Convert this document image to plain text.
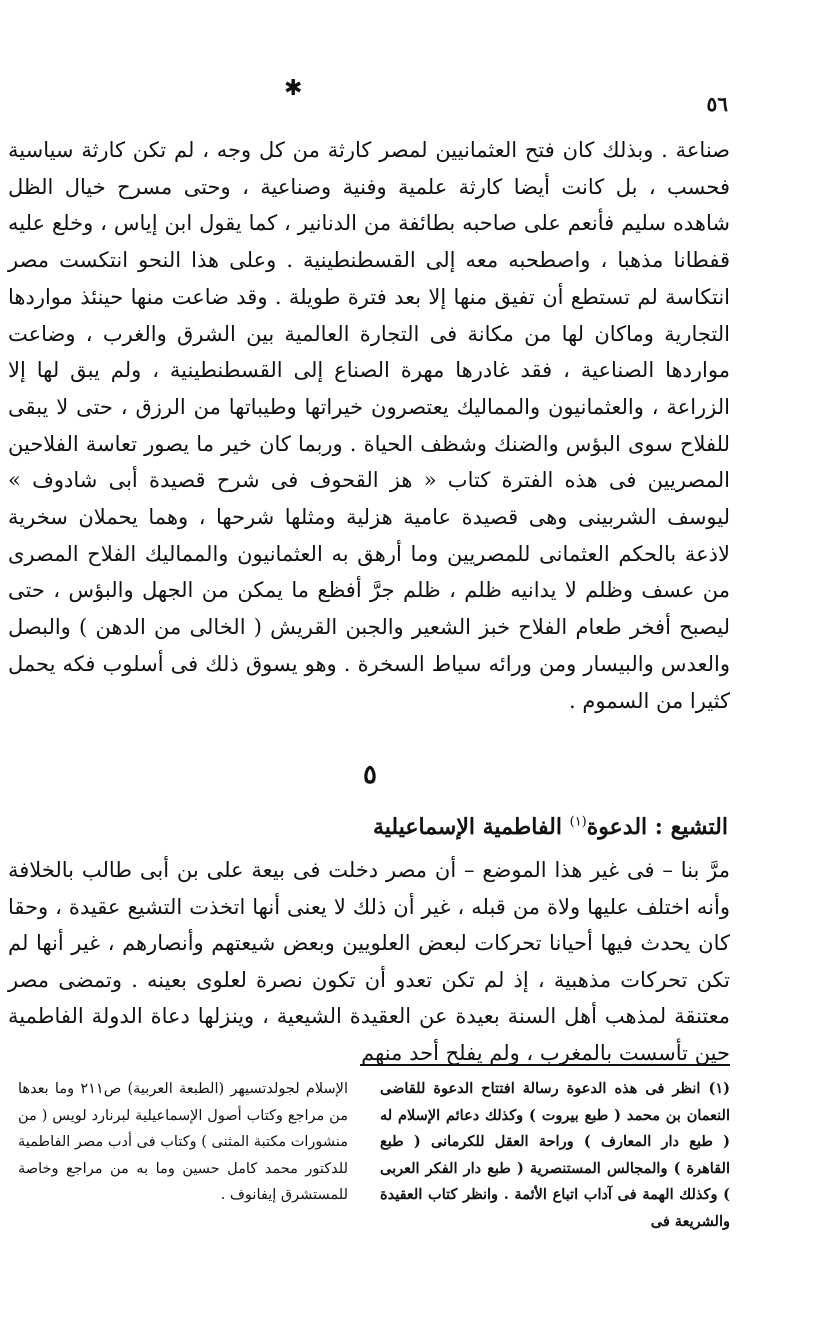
✱
٥٦

صناعة . وبذلك كان فتح العثمانيين لمصر كارثة من كل وجه ، لم تكن كارثة سياسية فحسب ، بل كانت أيضا كارثة علمية وفنية وصناعية ، وحتى مسرح خيال الظل شاهده سليم فأنعم على صاحبه بطائفة من الدنانير ، كما يقول ابن إياس ، وخلع عليه قفطانا مذهبا ، واصطحبه معه إلى القسطنطينية . وعلى هذا النحو انتكست مصر انتكاسة لم تستطع أن تفيق منها إلا بعد فترة طويلة . وقد ضاعت منها حينئذ مواردها التجارية وماكان لها من مكانة فى التجارة العالمية بين الشرق والغرب ، وضاعت مواردها الصناعية ، فقد غادرها مهرة الصناع إلى القسطنطينية ، ولم يبق لها إلا الزراعة ، والعثمانيون والمماليك يعتصرون خيراتها وطيباتها من الرزق ، حتى لا يبقى للفلاح سوى البؤس والضنك وشظف الحياة . وربما كان خير ما يصور تعاسة الفلاحين المصريين فى هذه الفترة كتاب « هز القحوف فى شرح قصيدة أبى شادوف » ليوسف الشربينى وهى قصيدة عامية هزلية ومثلها شرحها ، وهما يحملان سخرية لاذعة بالحكم العثمانى للمصريين وما أرهق به العثمانيون والمماليك الفلاح المصرى من عسف وظلم لا يدانيه ظلم ، ظلم جرَّ أفظع ما يمكن من الجهل والبؤس ، حتى ليصبح أفخر طعام الفلاح خبز الشعير والجبن القريش ( الخالى من الدهن ) والبصل والعدس والبيسار ومن ورائه سياط السخرة . وهو يسوق ذلك فى أسلوب فكه يحمل كثيرا من السموم .

٥
التشيع : الدعوة$^{(١)}$ الفاطمية الإسماعيلية

مرَّ بنا – فى غير هذا الموضع – أن مصر دخلت فى بيعة على بن أبى طالب بالخلافة وأنه اختلف عليها ولاة من قبله ، غير أن ذلك لا يعنى أنها اتخذت التشيع عقيدة ، وحقا كان يحدث فيها أحيانا تحركات لبعض العلويين وبعض شيعتهم وأنصارهم ، غير أنها لم تكن تحركات مذهبية ، إذ لم تكن تعدو أن تكون نصرة لعلوى بعينه . وتمضى مصر معتنقة لمذهب أهل السنة بعيدة عن العقيدة الشيعية ، وينزلها دعاة الدولة الفاطمية حين تأسست بالمغرب ، ولم يفلح أحد منهم

(١) انظر فى هذه الدعوة رسالة افتتاح الدعوة للقاضى النعمان بن محمد ( طبع بيروت ) وكذلك دعائم الإسلام له ( طبع دار المعارف ) وراحة العقل للكرمانى ( طبع القاهرة ) والمجالس المستنصرية ( طبع دار الفكر العربى ) وكذلك الهمة فى آداب اتباع الأئمة . وانظر كتاب العقيدة والشريعة فى

الإسلام لجولدتسيهر (الطبعة العربية) ص٢١١ وما بعدها من مراجع وكتاب أصول الإسماعيلية لبرنارد لويس ( من منشورات مكتبة المثنى ) وكتاب فى أدب مصر الفاطمية للدكتور محمد كامل حسين وما به من مراجع وخاصة للمستشرق إيفانوف .
